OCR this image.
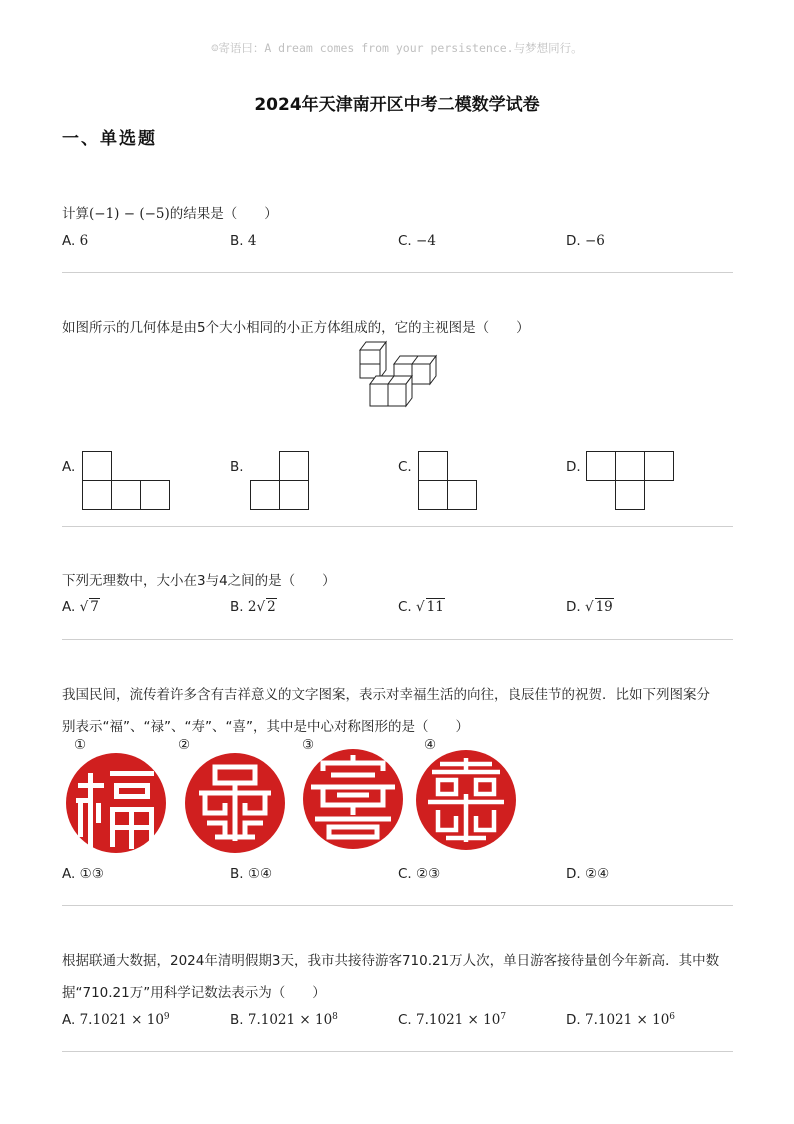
☺寄语曰：A dream comes from your persistence.与梦想同行。
2024年天津南开区中考二模数学试卷
一、单选题
计算(−1) − (−5)的结果是（　　）
A. 6	B. 4	C. −4	D. −6
如图所示的几何体是由5个大小相同的小正方体组成的，它的主视图是（　　）
A.	B.	C.	D.
下列无理数中，大小在3与4之间的是（　　）
A. √ 7	B. 2√ 2	C. √ 11	D. √ 19
我国民间，流传着许多含有吉祥意义的文字图案，表示对幸福生活的向往，良辰佳节的祝贺．比如下列图案分
别表示“福”、“禄”、“寿”、“喜”，其中是中心对称图形的是（　　）
①	②	③	④
A. ①③	B. ①④	C. ②③	D. ②④
根据联通大数据，2024年清明假期3天，我市共接待游客710.21万人次，单日游客接待量创今年新高．其中数
据“710.21万”用科学记数法表示为（　　）
A. $7.1021 \times 10^9$	B. $7.1021 \times 10^8$	C. $7.1021 \times 10^7$	D. $7.1021 \times 10^6$
